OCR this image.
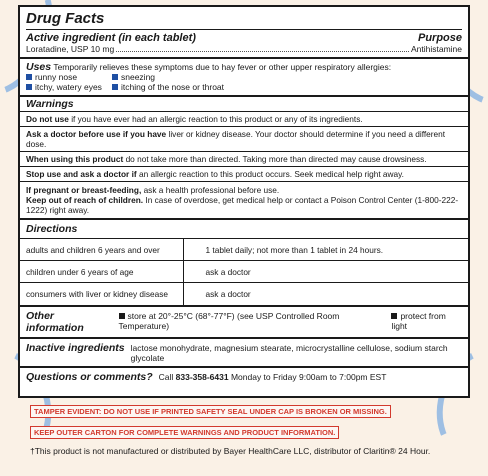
Drug Facts
Active ingredient (in each tablet)	Purpose
Loratadine, USP 10 mg	Antihistamine
Uses Temporarily relieves these symptoms due to hay fever or other upper respiratory allergies:
runny nose	sneezing
itchy, watery eyes	itching of the nose or throat
Warnings
Do not use if you have ever had an allergic reaction to this product or any of its ingredients.
Ask a doctor before use if you have liver or kidney disease. Your doctor should determine if you need a different dose.
When using this product do not take more than directed. Taking more than directed may cause drowsiness.
Stop use and ask a doctor if an allergic reaction to this product occurs. Seek medical help right away.
If pregnant or breast-feeding, ask a health professional before use.
Keep out of reach of children. In case of overdose, get medical help or contact a Poison Control Center (1-800-222-1222) right away.
Directions
adults and children 6 years and over	1 tablet daily; not more than 1 tablet in 24 hours.
children under 6 years of age	ask a doctor
consumers with liver or kidney disease	ask a doctor
Other information
store at 20°-25°C (68°-77°F) (see USP Controlled Room Temperature)
protect from light
Inactive ingredients lactose monohydrate, magnesium stearate, microcrystalline cellulose, sodium starch glycolate
Questions or comments? Call 833-358-6431 Monday to Friday 9:00am to 7:00pm EST
TAMPER EVIDENT: DO NOT USE IF PRINTED SAFETY SEAL UNDER CAP IS BROKEN OR MISSING.
KEEP OUTER CARTON FOR COMPLETE WARNINGS AND PRODUCT INFORMATION.
†This product is not manufactured or distributed by Bayer HealthCare LLC, distributor of Claritin® 24 Hour.
